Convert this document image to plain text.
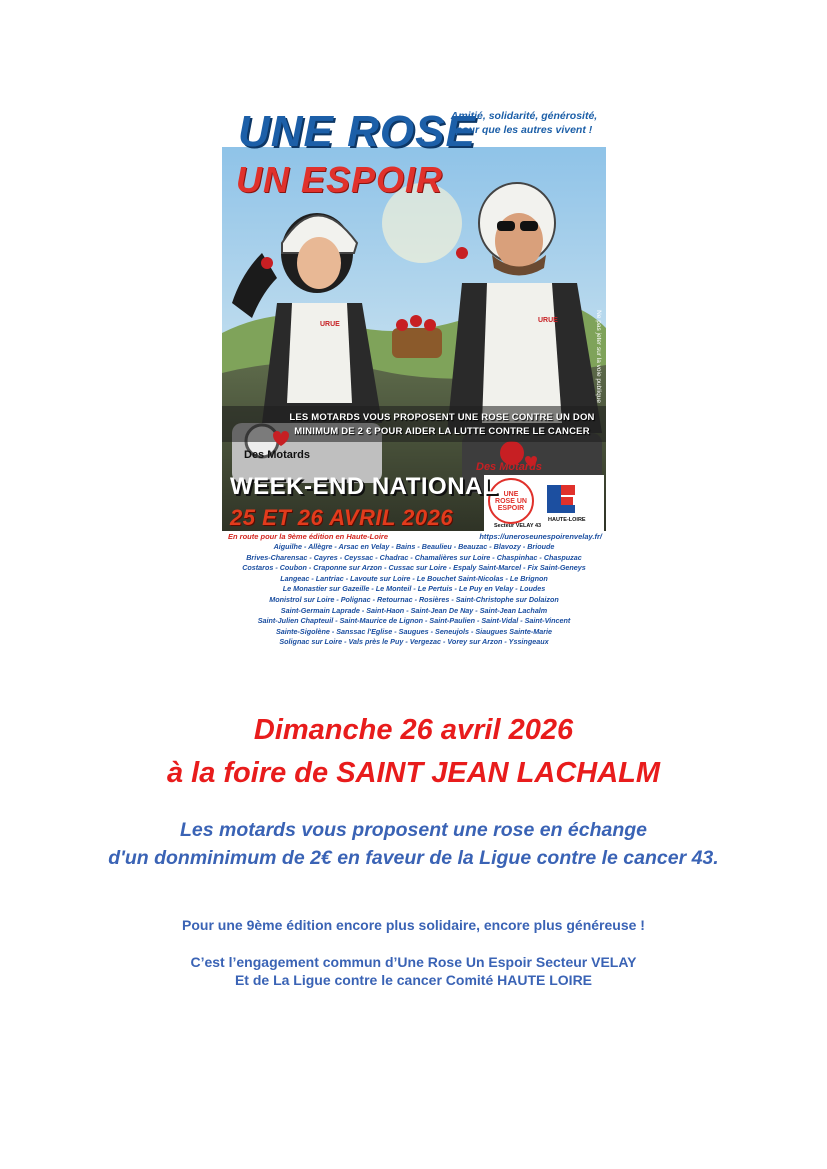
UNE ROSE
UN ESPOIR
Amitié, solidarité, générosité,
pour que les autres vivent !
URUE
URUE
LES MOTARDS VOUS PROPOSENT UNE ROSE CONTRE UN DON
MINIMUM DE 2 € POUR AIDER LA LUTTE CONTRE LE CANCER
Des Motards
Des Motards
WEEK-END NATIONAL
25 ET 26 AVRIL 2026
UNE ROSE UN ESPOIR
Secteur VELAY 43
HAUTE-LOIRE
Ne pas jeter sur la voie publique
En route pour la 9ème édition en Haute-Loire	https://uneroseunespoirenvelay.fr/
Aiguilhe - Allègre - Arsac en Velay - Bains - Beaulieu - Beauzac - Blavozy - Brioude
Brives-Charensac - Cayres - Ceyssac - Chadrac - Chamalières sur Loire - Chaspinhac - Chaspuzac
Costaros - Coubon - Craponne sur Arzon - Cussac sur Loire - Espaly Saint-Marcel - Fix Saint-Geneys
Langeac - Lantriac - Lavoute sur Loire - Le Bouchet Saint-Nicolas - Le Brignon
Le Monastier sur Gazeille - Le Monteil - Le Pertuis - Le Puy en Velay - Loudes
Monistrol sur Loire - Polignac - Retournac - Rosières - Saint-Christophe sur Dolaizon
Saint-Germain Laprade - Saint-Haon - Saint-Jean De Nay - Saint-Jean Lachalm
Saint-Julien Chapteuil - Saint-Maurice de Lignon - Saint-Paulien - Saint-Vidal - Saint-Vincent
Sainte-Sigolène - Sanssac l'Eglise - Saugues - Seneujols - Siaugues Sainte-Marie
Solignac sur Loire - Vals près le Puy - Vergezac - Vorey sur Arzon - Yssingeaux
Dimanche 26 avril 2026
à la foire de SAINT JEAN LACHALM
Les motards vous proposent une rose en échange
d'un donminimum de 2€ en faveur de la Ligue contre le cancer 43.
Pour une 9ème édition encore plus solidaire, encore plus généreuse !
C’est l’engagement commun d’Une Rose Un Espoir Secteur VELAY
Et de La Ligue contre le cancer Comité HAUTE LOIRE
